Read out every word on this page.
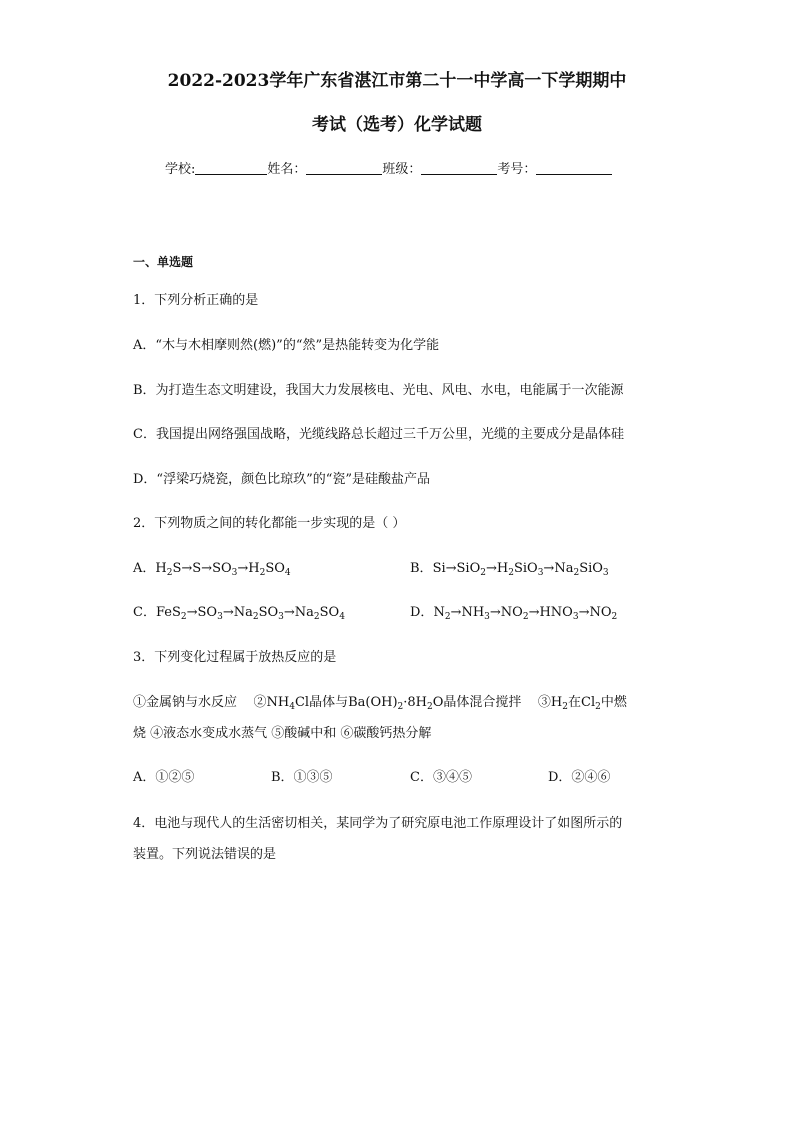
2022-2023学年广东省湛江市第二十一中学高一下学期期中
考试（选考）化学试题
学校:	姓名：	班级：	考号：
一、单选题
1．下列分析正确的是
A．“木与木相摩则然(燃)”的“然”是热能转变为化学能
B．为打造生态文明建设，我国大力发展核电、光电、风电、水电，电能属于一次能源
C．我国提出网络强国战略，光缆线路总长超过三千万公里，光缆的主要成分是晶体硅
D．“浮梁巧烧瓷，颜色比琼玖”的“瓷”是硅酸盐产品
2．下列物质之间的转化都能一步实现的是（ ）
A．$H_2S\to S\to SO_3\to H_2SO_4$	B．$Si\to SiO_2\to H_2SiO_3\to Na_2SiO_3$
C．$FeS_2\to SO_3\to Na_2SO_3\to Na_2SO_4$	D．$N_2\to NH_3\to NO_2\to HNO_3\to NO_2$
3．下列变化过程属于放热反应的是
①金属钠与水反应    $②NH_4Cl$晶体与$Ba(OH)_2\cdot 8H_2O$晶体混合搅拌    $③H_2$在$Cl_2$中燃
烧 ④液态水变成水蒸气 ⑤酸碱中和 ⑥碳酸钙热分解
A．①②⑤	B．①③⑤	C．③④⑤	D．②④⑥
4．电池与现代人的生活密切相关，某同学为了研究原电池工作原理设计了如图所示的
装置。下列说法错误的是
